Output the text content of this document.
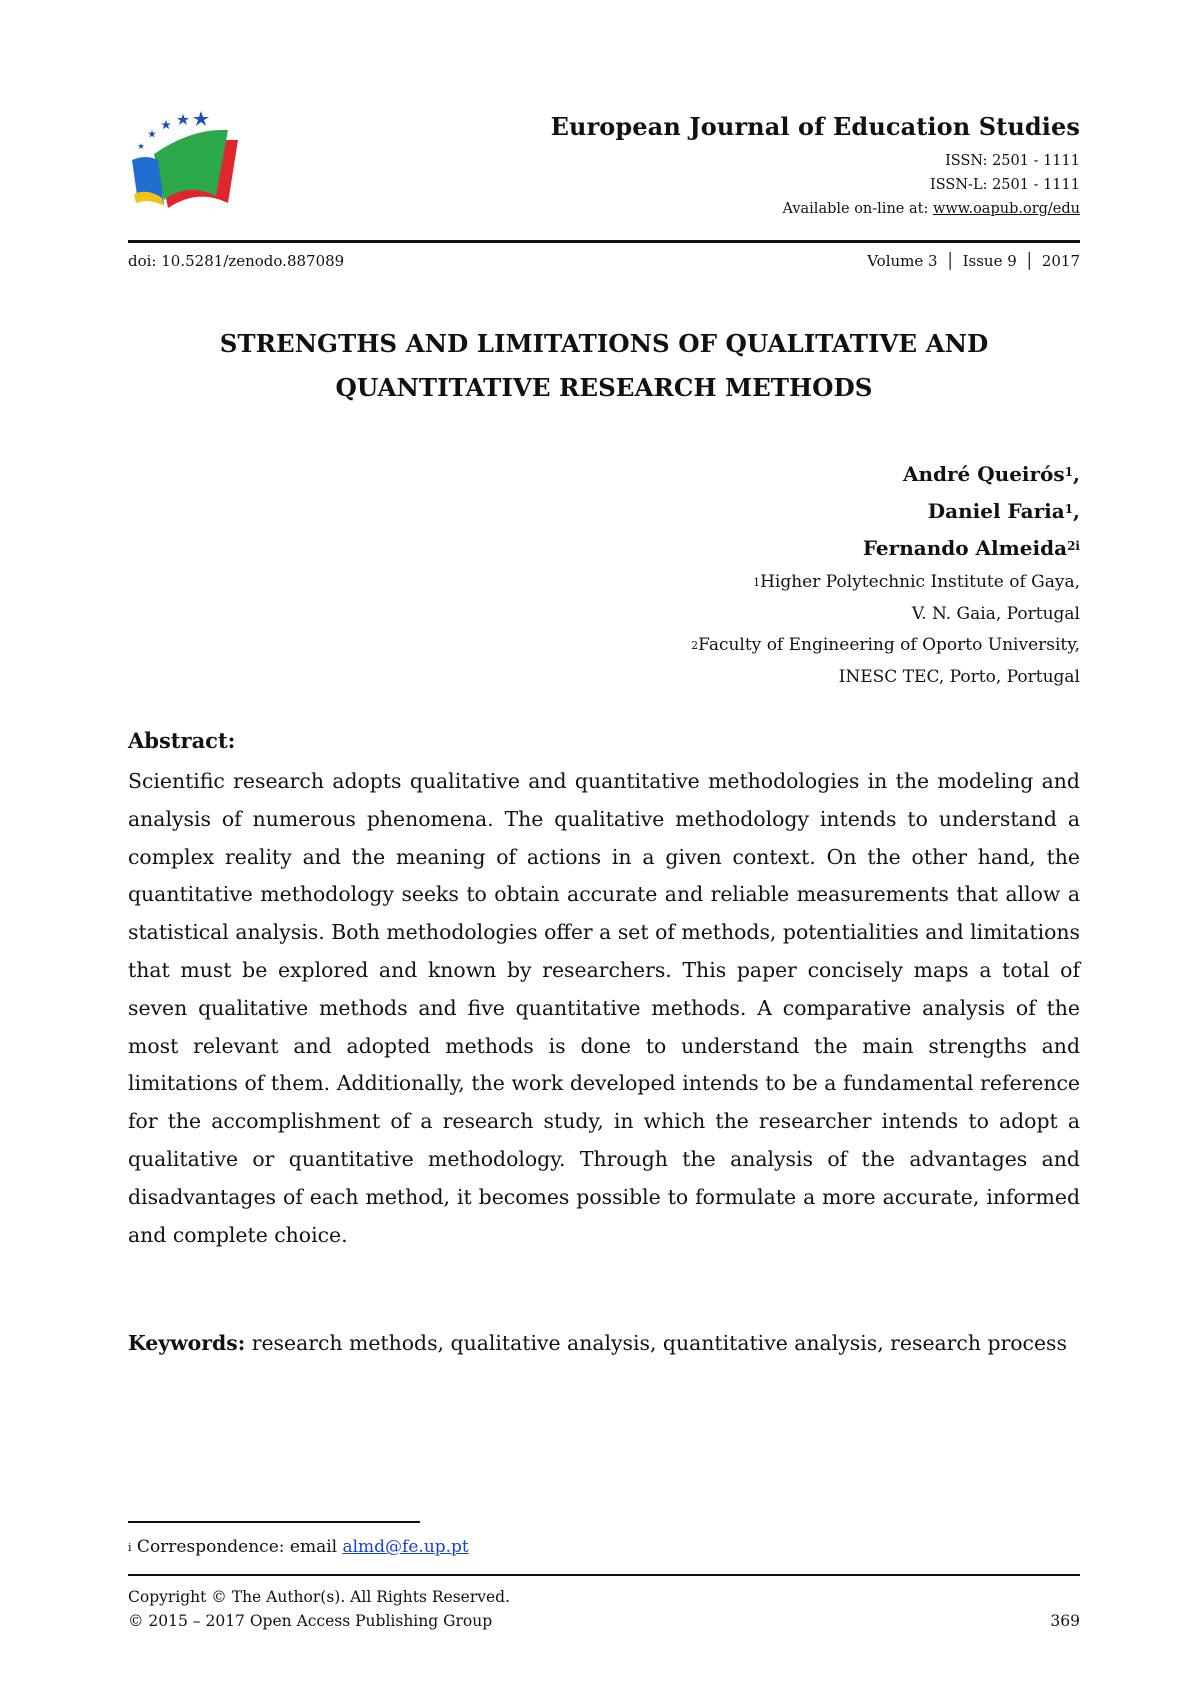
European Journal of Education Studies
ISSN: 2501 - 1111
ISSN-L: 2501 - 1111
Available on-line at: www.oapub.org/edu
doi: 10.5281/zenodo.887089	Volume 3 │ Issue 9 │ 2017
STRENGTHS AND LIMITATIONS OF QUALITATIVE AND
QUANTITATIVE RESEARCH METHODS
André Queirós$^1$,
Daniel Faria$^1$,
Fernando Almeida$^{2i}$
$^1$Higher Polytechnic Institute of Gaya,
V. N. Gaia, Portugal
$^2$Faculty of Engineering of Oporto University,
INESC TEC, Porto, Portugal
Abstract:
Scientific research adopts qualitative and quantitative methodologies in the modeling and analysis of numerous phenomena. The qualitative methodology intends to understand a complex reality and the meaning of actions in a given context. On the other hand, the quantitative methodology seeks to obtain accurate and reliable measurements that allow a statistical analysis. Both methodologies offer a set of methods, potentialities and limitations that must be explored and known by researchers. This paper concisely maps a total of seven qualitative methods and five quantitative methods. A comparative analysis of the most relevant and adopted methods is done to understand the main strengths and limitations of them. Additionally, the work developed intends to be a fundamental reference for the accomplishment of a research study, in which the researcher intends to adopt a qualitative or quantitative methodology. Through the analysis of the advantages and disadvantages of each method, it becomes possible to formulate a more accurate, informed and complete choice.
Keywords: research methods, qualitative analysis, quantitative analysis, research process
i Correspondence: email almd@fe.up.pt
Copyright © The Author(s). All Rights Reserved.
© 2015 – 2017 Open Access Publishing Group	369
